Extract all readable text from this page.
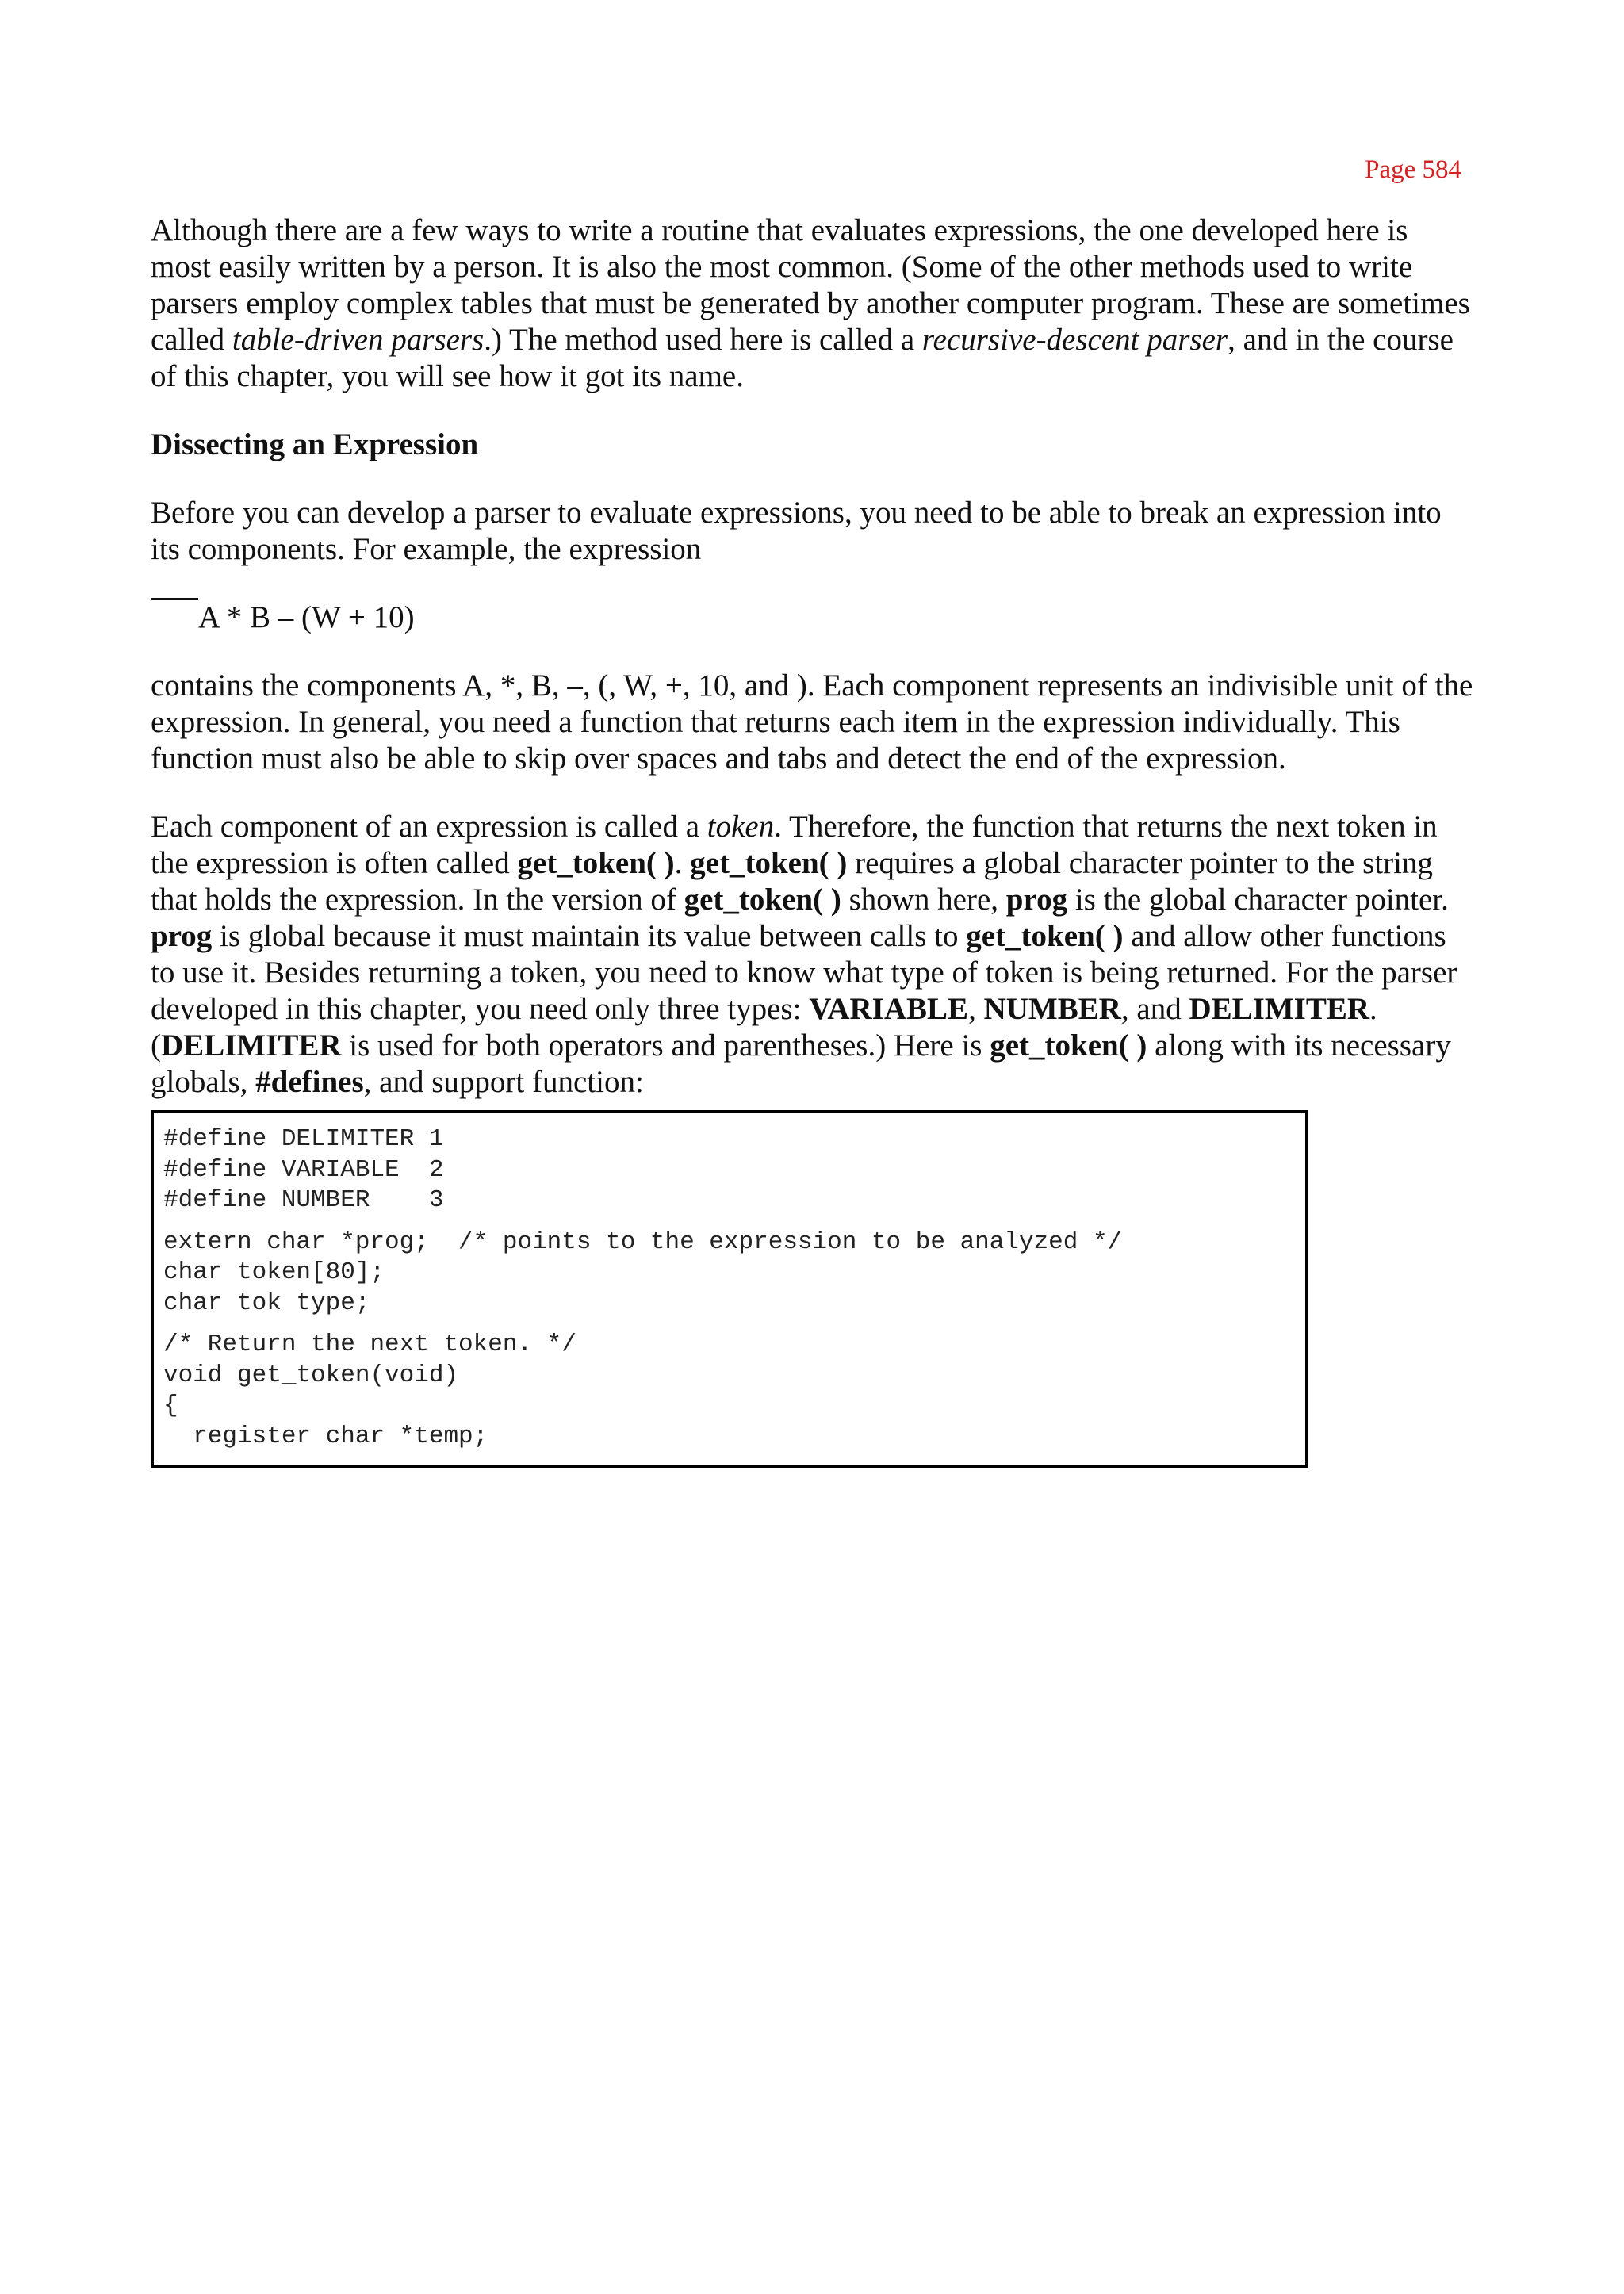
Page 584

Although there are a few ways to write a routine that evaluates expressions, the one developed here is most easily written by a person. It is also the most common. (Some of the other methods used to write parsers employ complex tables that must be generated by another computer program. These are sometimes called table-driven parsers.) The method used here is called a recursive-descent parser, and in the course of this chapter, you will see how it got its name.

Dissecting an Expression

Before you can develop a parser to evaluate expressions, you need to be able to break an expression into its components. For example, the expression

A * B – (W + 10)

contains the components A, *, B, –, (, W, +, 10, and ). Each component represents an indivisible unit of the expression. In general, you need a function that returns each item in the expression individually. This function must also be able to skip over spaces and tabs and detect the end of the expression.

Each component of an expression is called a token. Therefore, the function that returns the next token in the expression is often called get_token( ). get_token( ) requires a global character pointer to the string that holds the expression. In the version of get_token( ) shown here, prog is the global character pointer. prog is global because it must maintain its value between calls to get_token( ) and allow other functions to use it. Besides returning a token, you need to know what type of token is being returned. For the parser developed in this chapter, you need only three types: VARIABLE, NUMBER, and DELIMITER. (DELIMITER is used for both operators and parentheses.) Here is get_token( ) along with its necessary globals, #defines, and support function:

#define DELIMITER 1
#define VARIABLE  2
#define NUMBER    3
extern char *prog;  /* points to the expression to be analyzed */
char token[80];
char tok type;
/* Return the next token. */
void get_token(void)
{
register char *temp;
